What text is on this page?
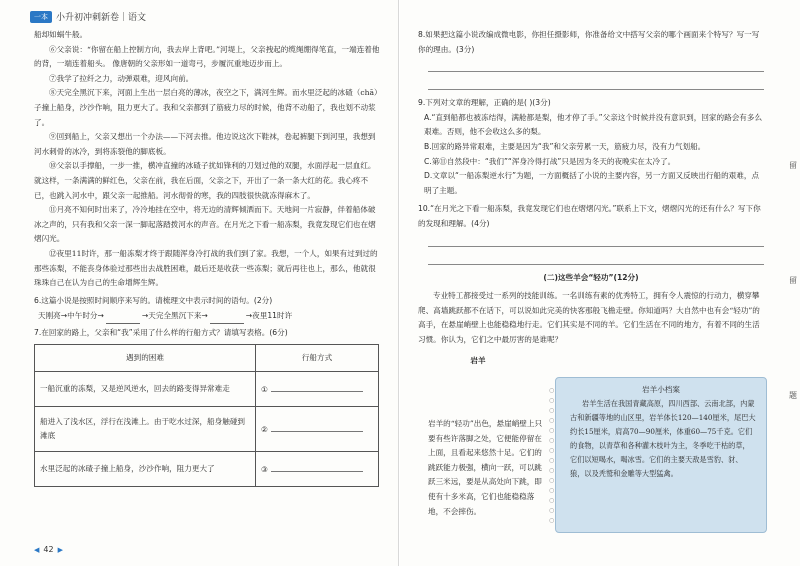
一本 小升初冲刺新卷｜语文

船却如蜗牛般。

⑥父亲说：“你留在船上控制方向，我去岸上背吧。”河堤上，父亲拽起的缆绳绷得笔直，一端连着他的背，一端连着船头。 像唐朝的父亲形如一道弯弓，步履沉重地迈步而上。

⑦我学了拉纤之力，动弹艰难，迎风向前。

⑧天完全黑沉下来，河面上生出一层白亮的薄冰，夜空之下，满河生辉。而水里泛起的冰碴（chā）子撞上船身，沙沙作响，阻力更大了。我和父亲都到了筋疲力尽的时候，他背不动船了，我也划不动浆了。

⑨回到船上，父亲又想出一个办法——下河去推。他边说这次下鞋袜，卷起裤腿下到河里，我想到河水刺骨的冰冷，到将冻裂他的脚底板。

⑩父亲以手撑船，一步一推，横冲直撞的冰碴子扰如锋利的刀划过他的双腿，水面浮起一层血红。就这样，一条满满的鲜红色，父亲在前，我在后面，父亲之下，开出了一条一条大红的花。我心疼不已，也跳入河水中，跟父亲一起推船。河水彻骨的寒，我的四肢很快就冻得麻木了。

⑪月亮不知何时出来了，冷冷地挂在空中，将无边的清辉倾洒而下。天地间一片寂静，伴着船体破冰之声的，只有我和父亲一深一脚起落踏拨河水的声音。在月光之下看一船冻梨，我竟发现它们也在熠熠闪光。

⑫夜里11时许，那一船冻梨才终于跟随浑身冷打战的我们到了家。我想，一个人，如果有过到过的那些冻梨，不能丧身体验过那些出去战胜困难，最后还是收获一些冻梨；就后再往也上，那么，他就很珠珠自己在认为自己的生命增辉生辉。

6.这篇小说是按照时间顺序来写的。请梳理文中表示时间的语句。(2分)

天刚亮→中午时分→	→天完全黑沉下来→	→夜里11时许

7.在回家的路上，父亲和“我”采用了什么样的行船方式？请填写表格。(6分)

遇到的困难	行船方式
一船沉重的冻梨，又是逆风逆水，回去的路变得异常难走	①
船进入了浅水区，浮行在浅滩上。由于吃水过深，船身触碰到滩底	②
水里泛起的冰碴子撞上船身，沙沙作响，阻力更大了	③
◀ 42 ▶

8.如果把这篇小说改编成微电影，你担任摄影师，你准备给文中搭写父亲的哪个画面来个特写？写一写你的理由。(3分)

9.下列对文章的理解，正确的是( )(3分)

A.“直到船都也被冻结得，满舱都是梨，他才停了手。”父亲这个时候并没有意识到，回家的路会有多么艰难。否则，他不会收这么多的梨。

B.回家的路异常艰难，主要是因为“我”和父亲劳累一天，筋疲力尽，没有力气划船。

C.第⑪自然段中：“我们”“浑身冷得打战”只是因为冬天的夜晚实在太冷了。

D.文章以“一船冻梨逆水行”为题，一方面概括了小说的主要内容，另一方面又反映出行船的艰难，点明了主题。

10.“在月光之下看一船冻梨，我竟发现它们也在熠熠闪光。”联系上下文，熠熠闪光的还有什么？写下你的发现和理解。(4分)

(二)这些羊会“轻功”(12分)

专业特工都接受过一系列的技能训练。一名训练有素的优秀特工，拥有令人震惊的行动力，横穿攀爬、高墙跳跃都不在话下，可以说如此完美的快客那般飞檐走壁。你知道吗？大自然中也有会“轻功”的高手，在悬崖峭壁上也能稳稳地行走。它们其实是不同的羊。它们生活在不同的地方，有着不同的生活习惯。你认为，它们之中最厉害的是谁呢？

岩羊
岩羊的“轻功”出色，悬崖峭壁上只要有些许落脚之处，它便能停留在上面，且看起来悠然十足。它们的跳跃能力极强，横向一跃，可以跳跃三米远，要是从高处向下跳，即使有十多米高，它们也能稳稳落地，不会摔伤。
○
○
○
○
○
○
○
○
○
○
○
○
○
○
岩羊小档案
岩羊生活在我国青藏高原，四川西部、云南北部，内蒙古和新疆等地的山区里，岩羊体长120—140厘米，尾巴大约长15厘米，肩高70—90厘米，体重60—75千克。它们的食物，以青草和各种灌木枝叶为主，冬季吃干枯的草，它们以短喝水，喝冰雪。它们的主要天敌是雪豹、豺、狼，以及秃鹫和金雕等大型猛禽。
留
留
题
